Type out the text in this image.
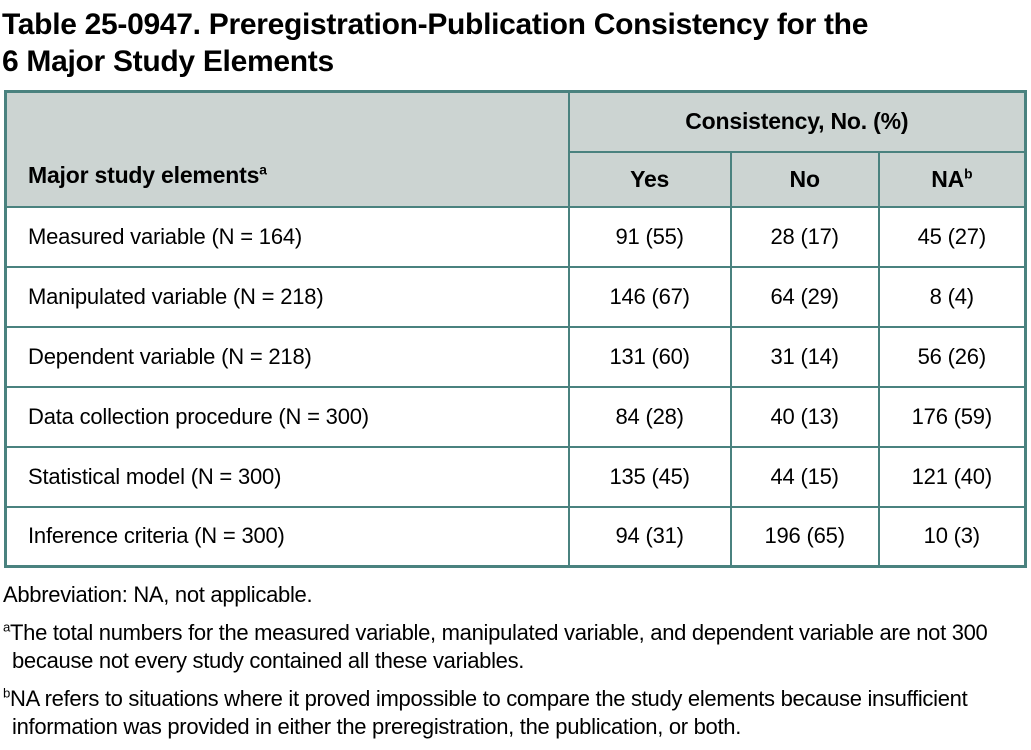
Table 25-0947. Preregistration-Publication Consistency for the
6 Major Study Elements
Major study elements$^a$	Consistency, No. (%)		
	Yes	No	$NA^b$
Measured variable (N = 164)	91 (55)	28 (17)	45 (27)
Manipulated variable (N = 218)	146 (67)	64 (29)	8 (4)
Dependent variable (N = 218)	131 (60)	31 (14)	56 (26)
Data collection procedure (N = 300)	84 (28)	40 (13)	176 (59)
Statistical model (N = 300)	135 (45)	44 (15)	121 (40)
Inference criteria (N = 300)	94 (31)	196 (65)	10 (3)

Abbreviation: NA, not applicable.

$^a$The total numbers for the measured variable, manipulated variable, and dependent variable are not 300 because not every study contained all these variables.

$^b$NA refers to situations where it proved impossible to compare the study elements because insufficient information was provided in either the preregistration, the publication, or both.
